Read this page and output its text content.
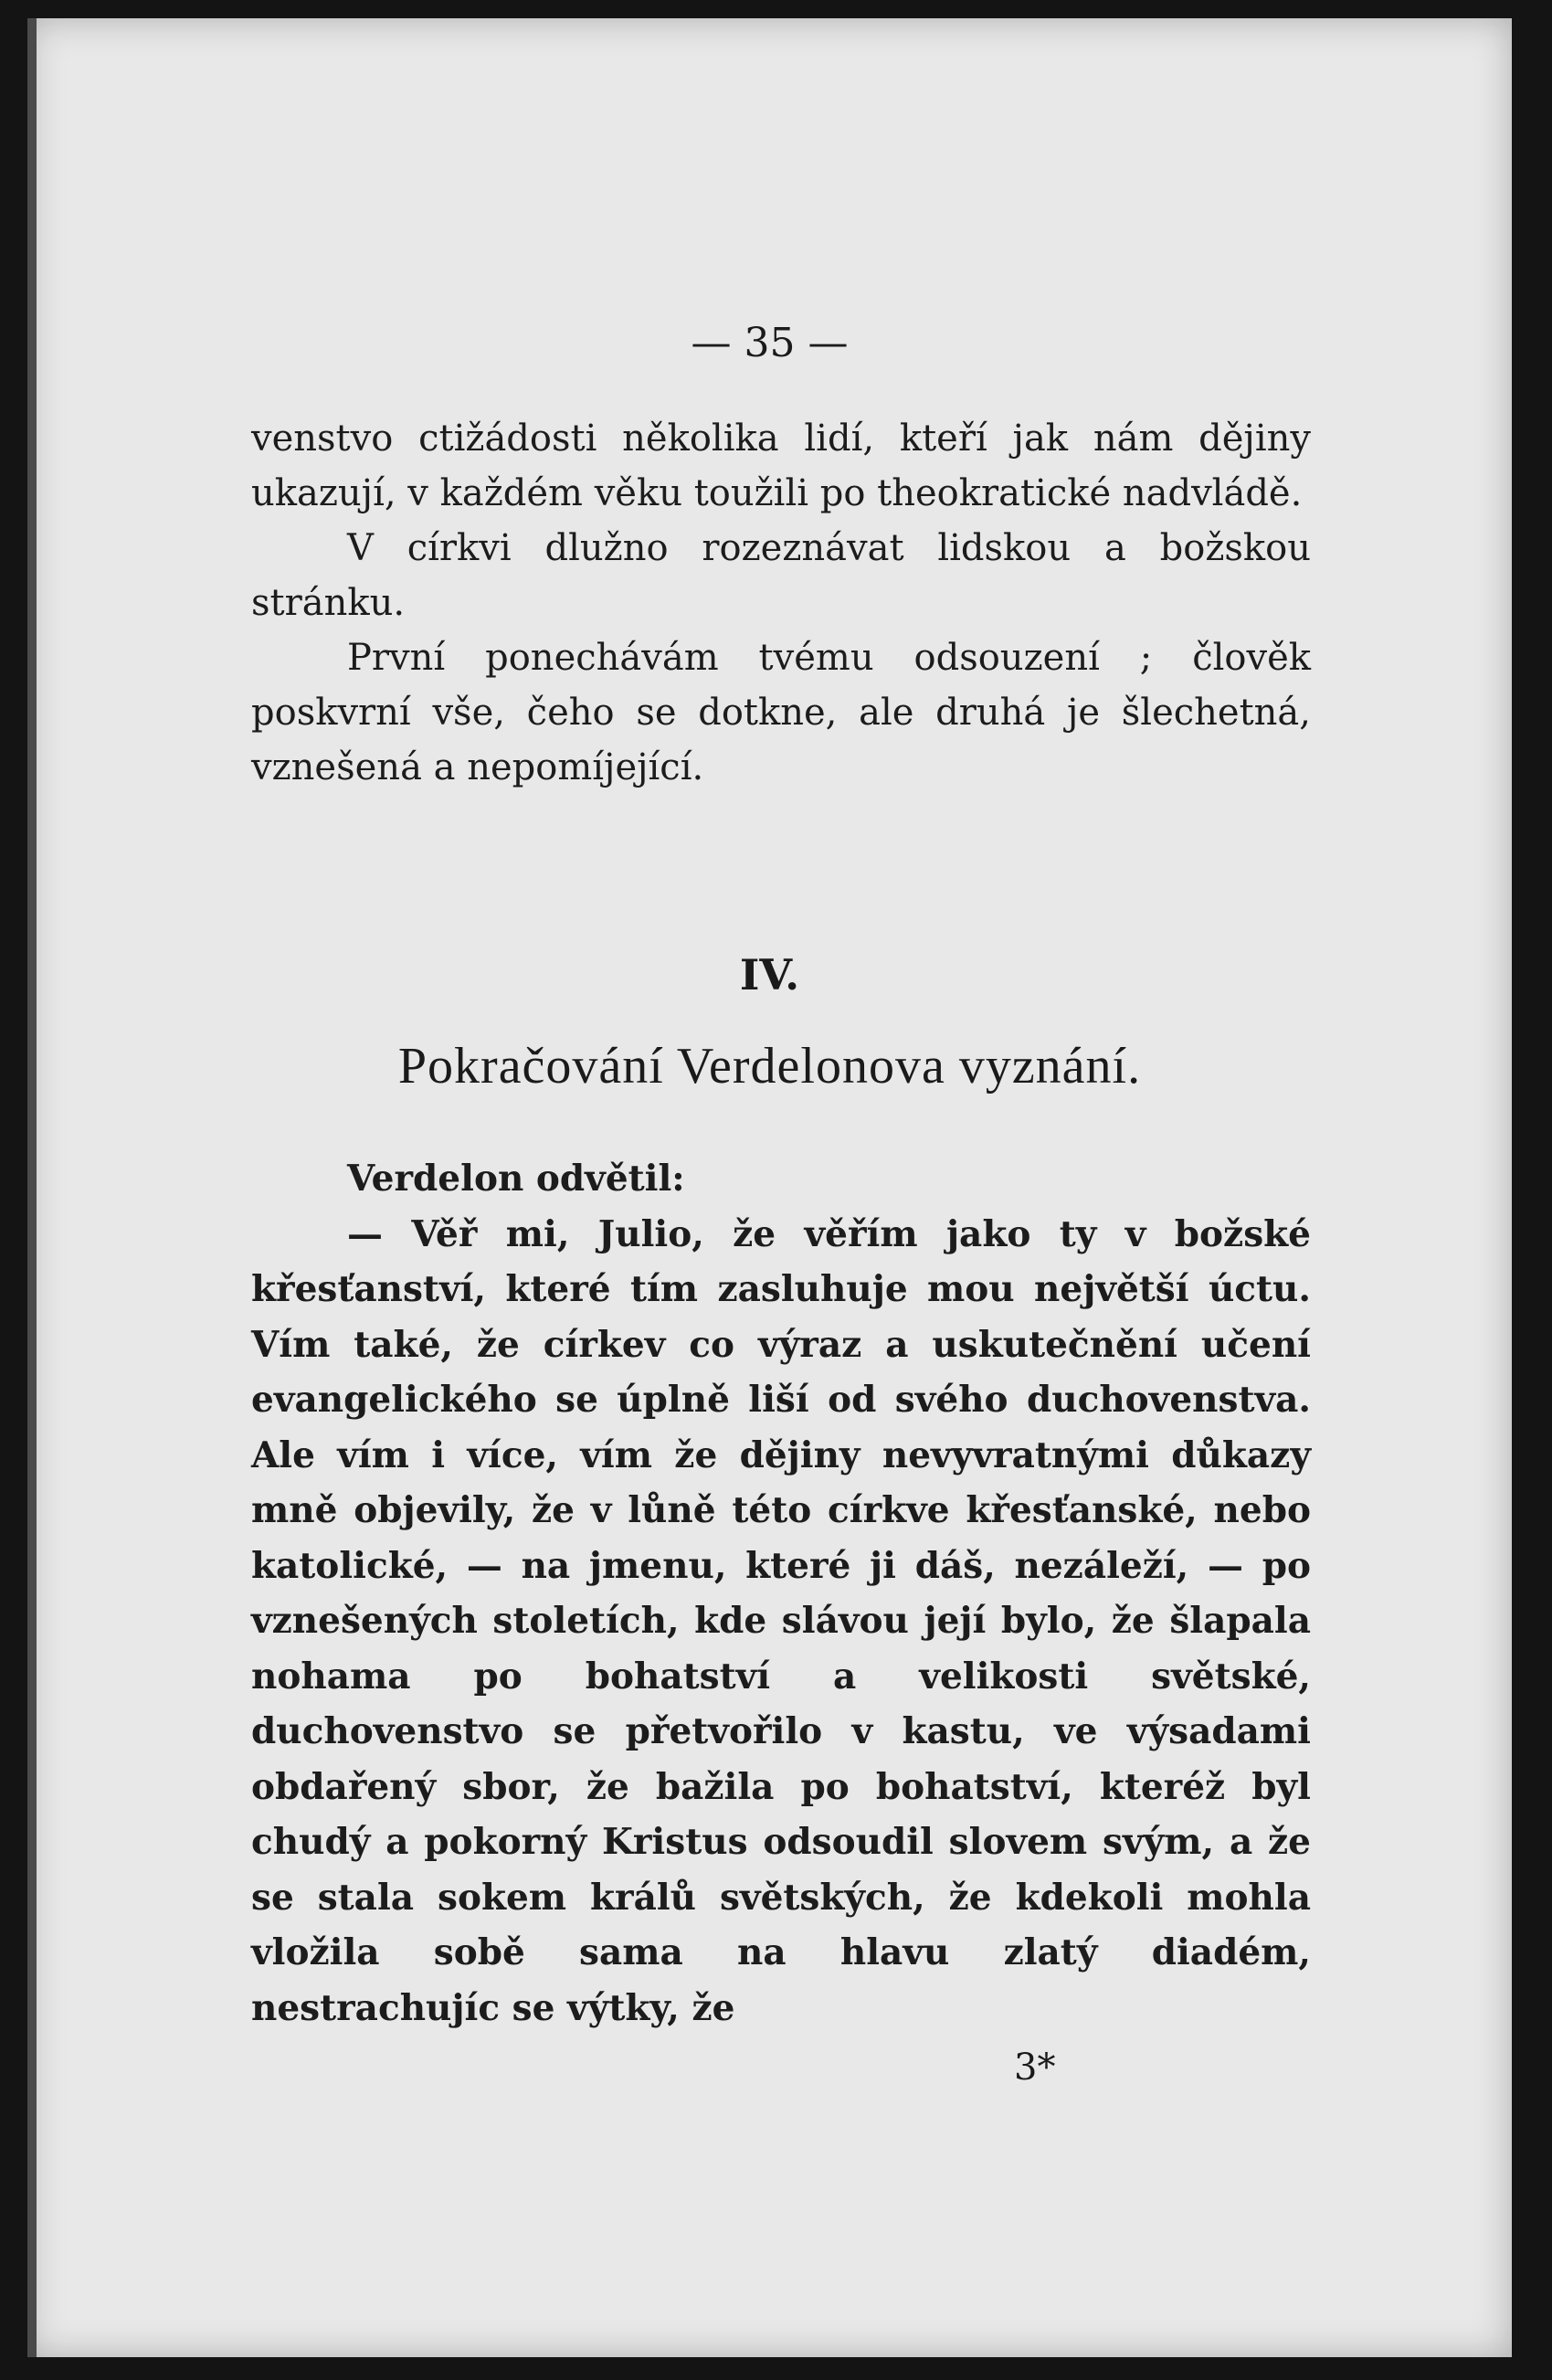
— 35 —

venstvo ctižádosti několika lidí, kteří jak nám dějiny ukazují, v každém věku toužili po theokratické nadvládě.

V církvi dlužno rozeznávat lidskou a božskou stránku.

První ponechávám tvému odsouzení ; člověk poskvrní vše, čeho se dotkne, ale druhá je šlechetná, vznešená a nepomíjející.

IV.

Pokračování Verdelonova vyznání.

Verdelon odvětil:

— Věř mi, Julio, že věřím jako ty v božské křesťanství, které tím zasluhuje mou největší úctu. Vím také, že církev co výraz a uskutečnění učení evangelického se úplně liší od svého duchovenstva. Ale vím i více, vím že dějiny nevyvratnými důkazy mně objevily, že v lůně této církve křesťanské, nebo katolické, — na jmenu, které ji dáš, nezáleží, — po vznešených stoletích, kde slávou její bylo, že šlapala nohama po bohatství a velikosti světské, duchovenstvo se přetvořilo v kastu, ve výsadami obdařený sbor, že bažila po bohatství, kteréž byl chudý a pokorný Kristus odsoudil slovem svým, a že se stala sokem králů světských, že kdekoli mohla vložila sobě sama na hlavu zlatý diadém, nestrachujíc se výtky, že

3*
